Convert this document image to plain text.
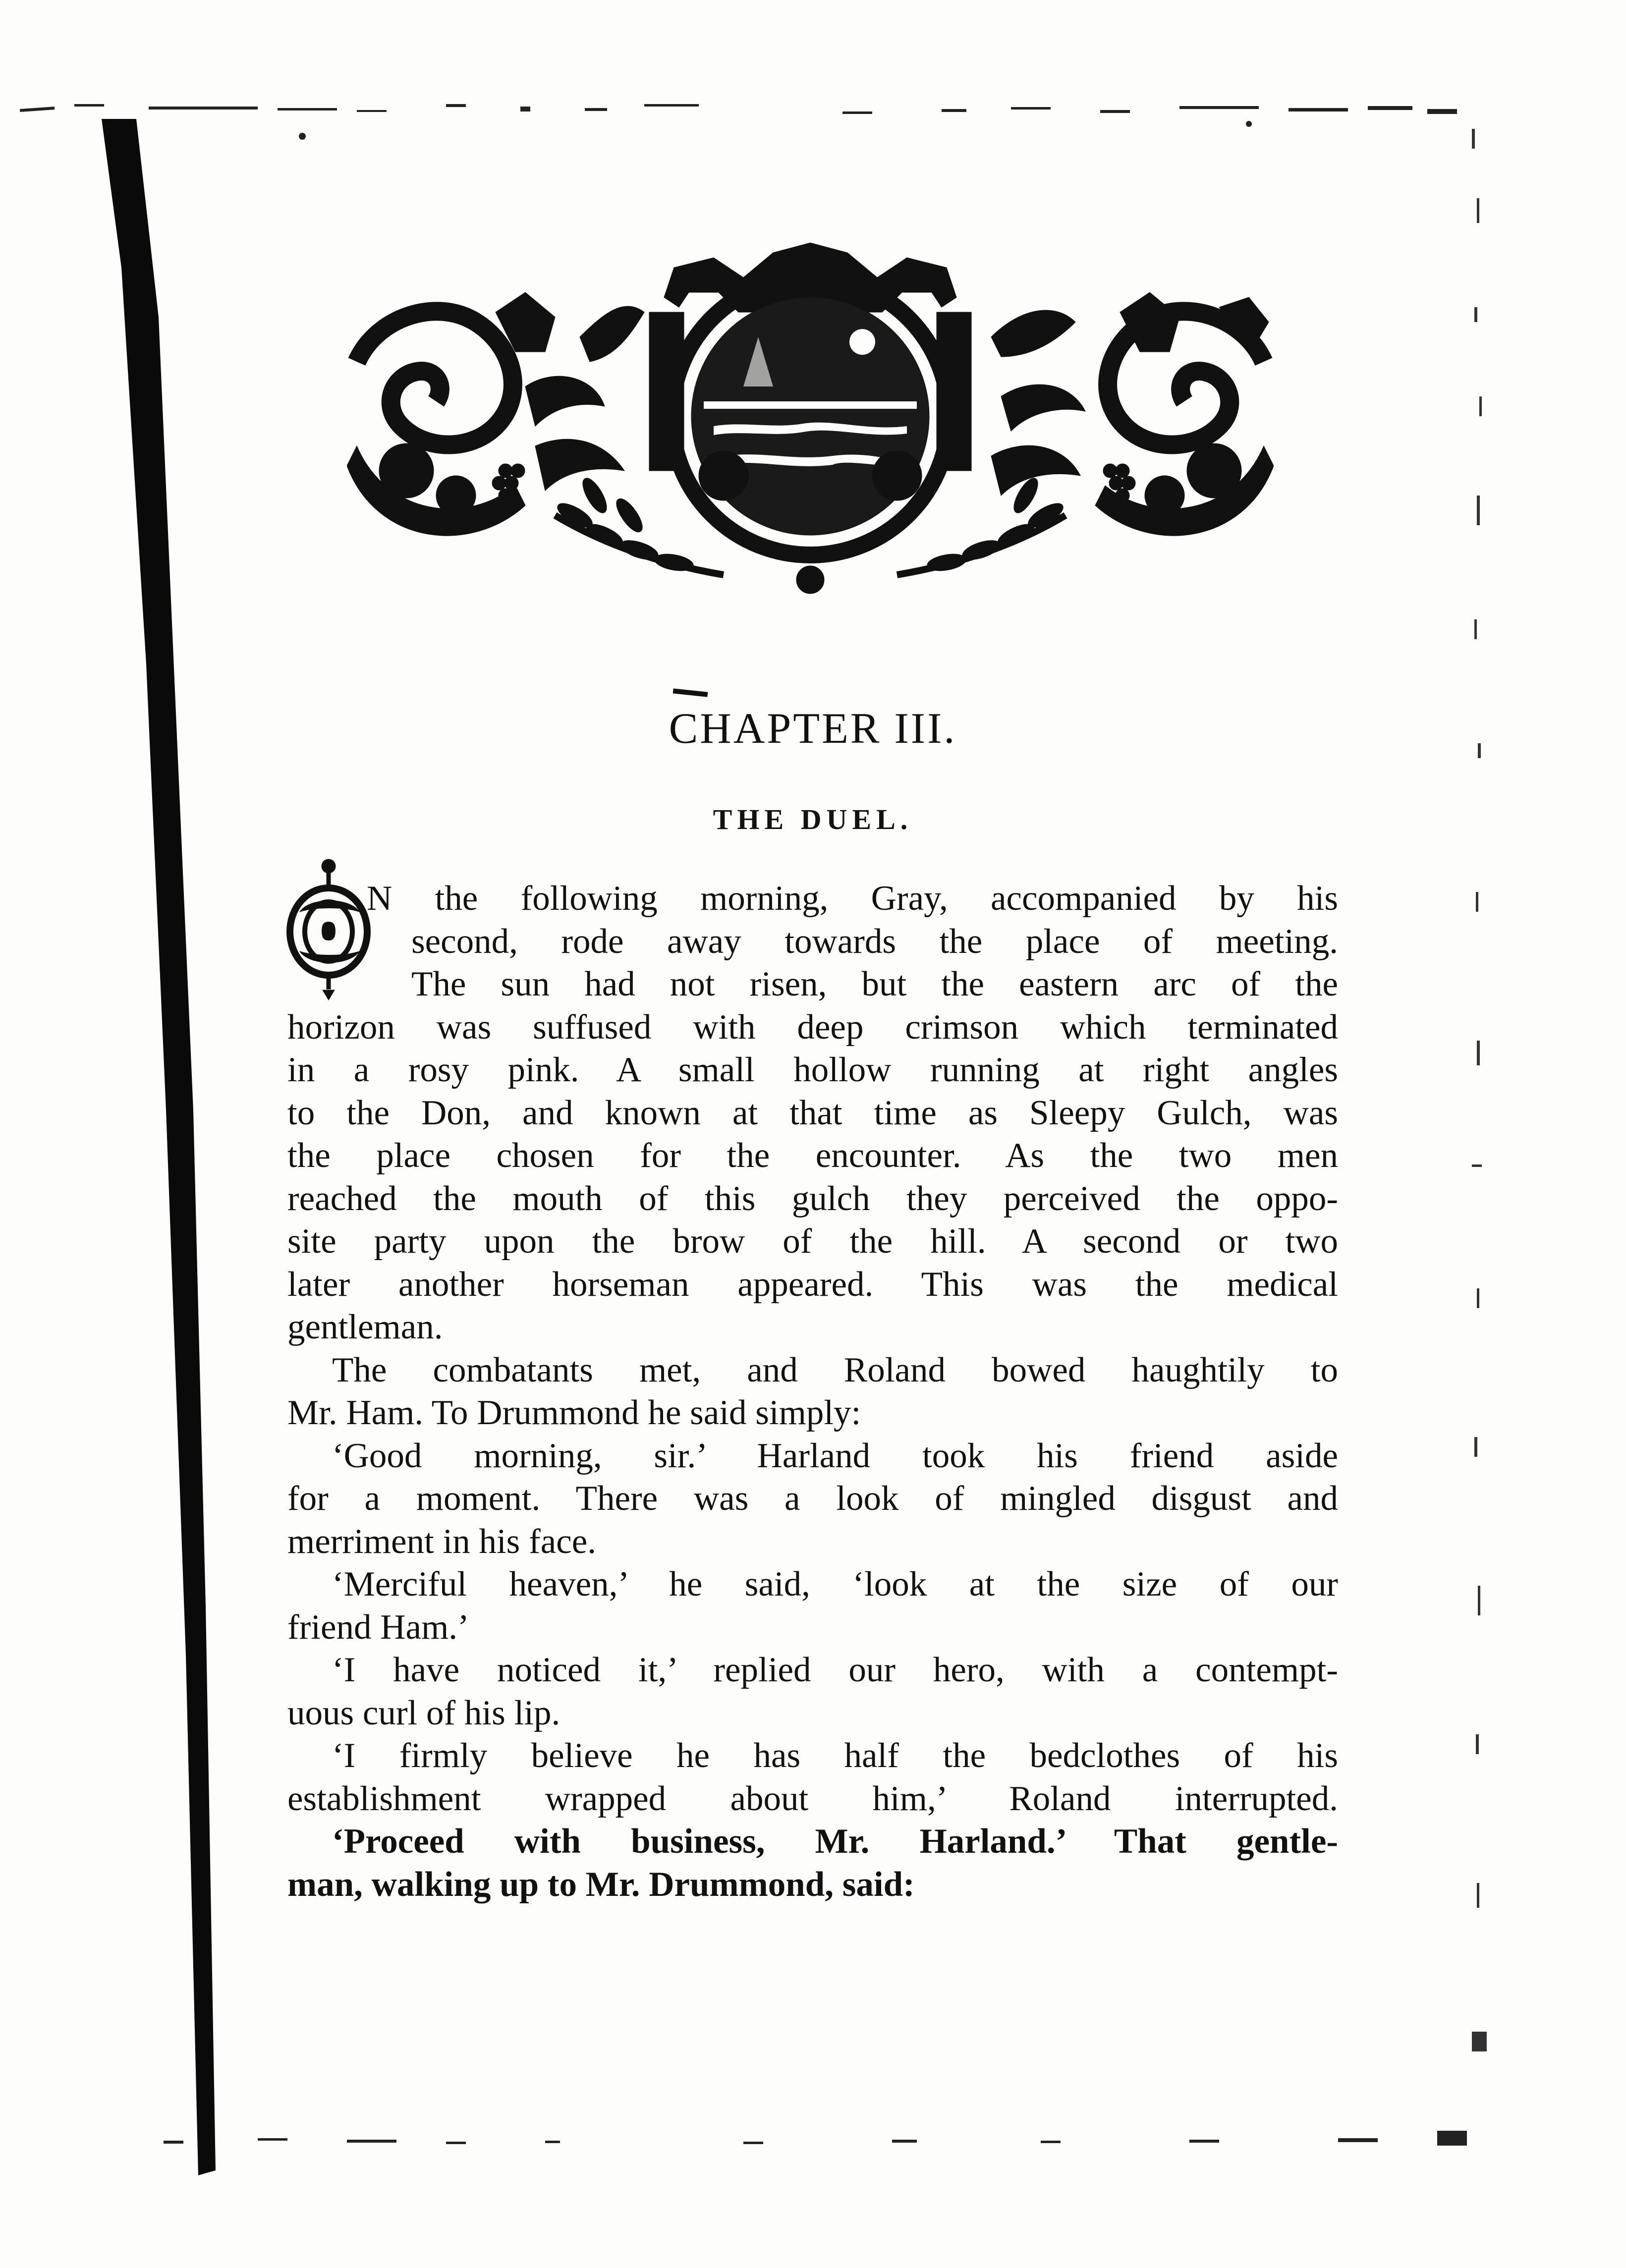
CHAPTER III.
THE DUEL.
O
N the following morning, Gray, accompanied by his
second, rode away towards the place of meeting.
The sun had not risen, but the eastern arc of the
horizon was suffused with deep crimson which terminated
in a rosy pink. A small hollow running at right angles
to the Don, and known at that time as Sleepy Gulch, was
the place chosen for the encounter. As the two men
reached the mouth of this gulch they perceived the oppo-
site party upon the brow of the hill. A second or two
later another horseman appeared. This was the medical
gentleman.
The combatants met, and Roland bowed haughtily to
Mr. Ham. To Drummond he said simply:
‘Good morning, sir.’ Harland took his friend aside
for a moment. There was a look of mingled disgust and
merriment in his face.
‘Merciful heaven,’ he said, ‘look at the size of our
friend Ham.’
‘I have noticed it,’ replied our hero, with a contempt-
uous curl of his lip.
‘I firmly believe he has half the bedclothes of his
establishment wrapped about him,’ Roland interrupted.
‘Proceed with business, Mr. Harland.’ That gentle-
man, walking up to Mr. Drummond, said:
